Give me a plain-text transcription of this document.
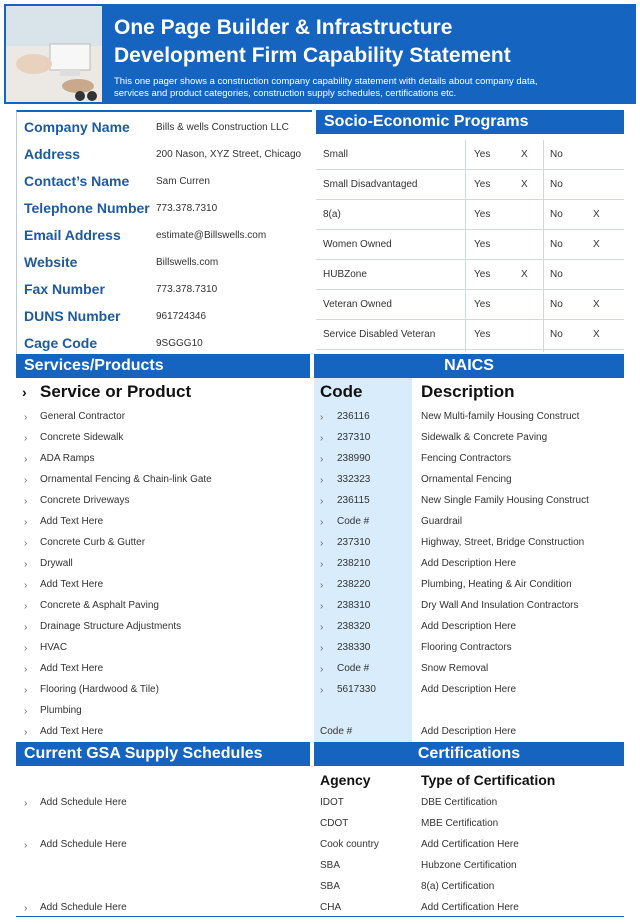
One Page Builder & Infrastructure
Development Firm Capability Statement
This one pager shows a construction company capability statement with details about company data,
services and product categories, construction supply schedules, certifications etc.
Company Name	Bills & wells Construction LLC
Address	200 Nason, XYZ Street, Chicago
Contact’s Name	Sam Curren
Telephone Number 773.378.7310
Email Address	estimate@Billswells.com
Website	Billswells.com
Fax Number	773.378.7310
DUNS Number	961724346
Cage Code	9SGGG10
Socio-Economic Programs
Small	Yes	X No
Small Disadvantaged	Yes	X No
8(a)	Yes	No	X
Women Owned	Yes	No	X
HUBZone	Yes	X No
Veteran Owned	Yes	No	X
Service Disabled Veteran	Yes	No	X
Services/Products	NAICS
› Service or Product	Code	Description
› General Contractor
› Concrete Sidewalk
› ADA Ramps
› Ornamental Fencing & Chain-link Gate
› Concrete Driveways
› Add Text Here
› Concrete Curb & Gutter
› Drywall
› Add Text Here
› Concrete & Asphalt Paving
› Drainage Structure Adjustments
› HVAC
› Add Text Here
› Flooring (Hardwood & Tile)
› Plumbing
› Add Text Here
› 236116	New Multi-family Housing Construct
› 237310	Sidewalk & Concrete Paving
› 238990	Fencing Contractors
› 332323	Ornamental Fencing
› 236115	New Single Family Housing Construct
› Code #	Guardrail
› 237310	Highway, Street, Bridge Construction
› 238210	Add Description Here
› 238220	Plumbing, Heating & Air Condition
› 238310	Dry Wall And Insulation Contractors
› 238320	Add Description Here
› 238330	Flooring Contractors
› Code #	Snow Removal
› 5617330	Add Description Here
Code #	Add Description Here
Current GSA Supply Schedules	Certifications
Agency	Type of Certification
› Add Schedule Here
› Add Schedule Here
› Add Schedule Here
IDOT	DBE Certification
CDOT	MBE Certification
Cook country	Add Certification Here
SBA	Hubzone Certification
SBA	8(a) Certification
CHA	Add Certification Here
